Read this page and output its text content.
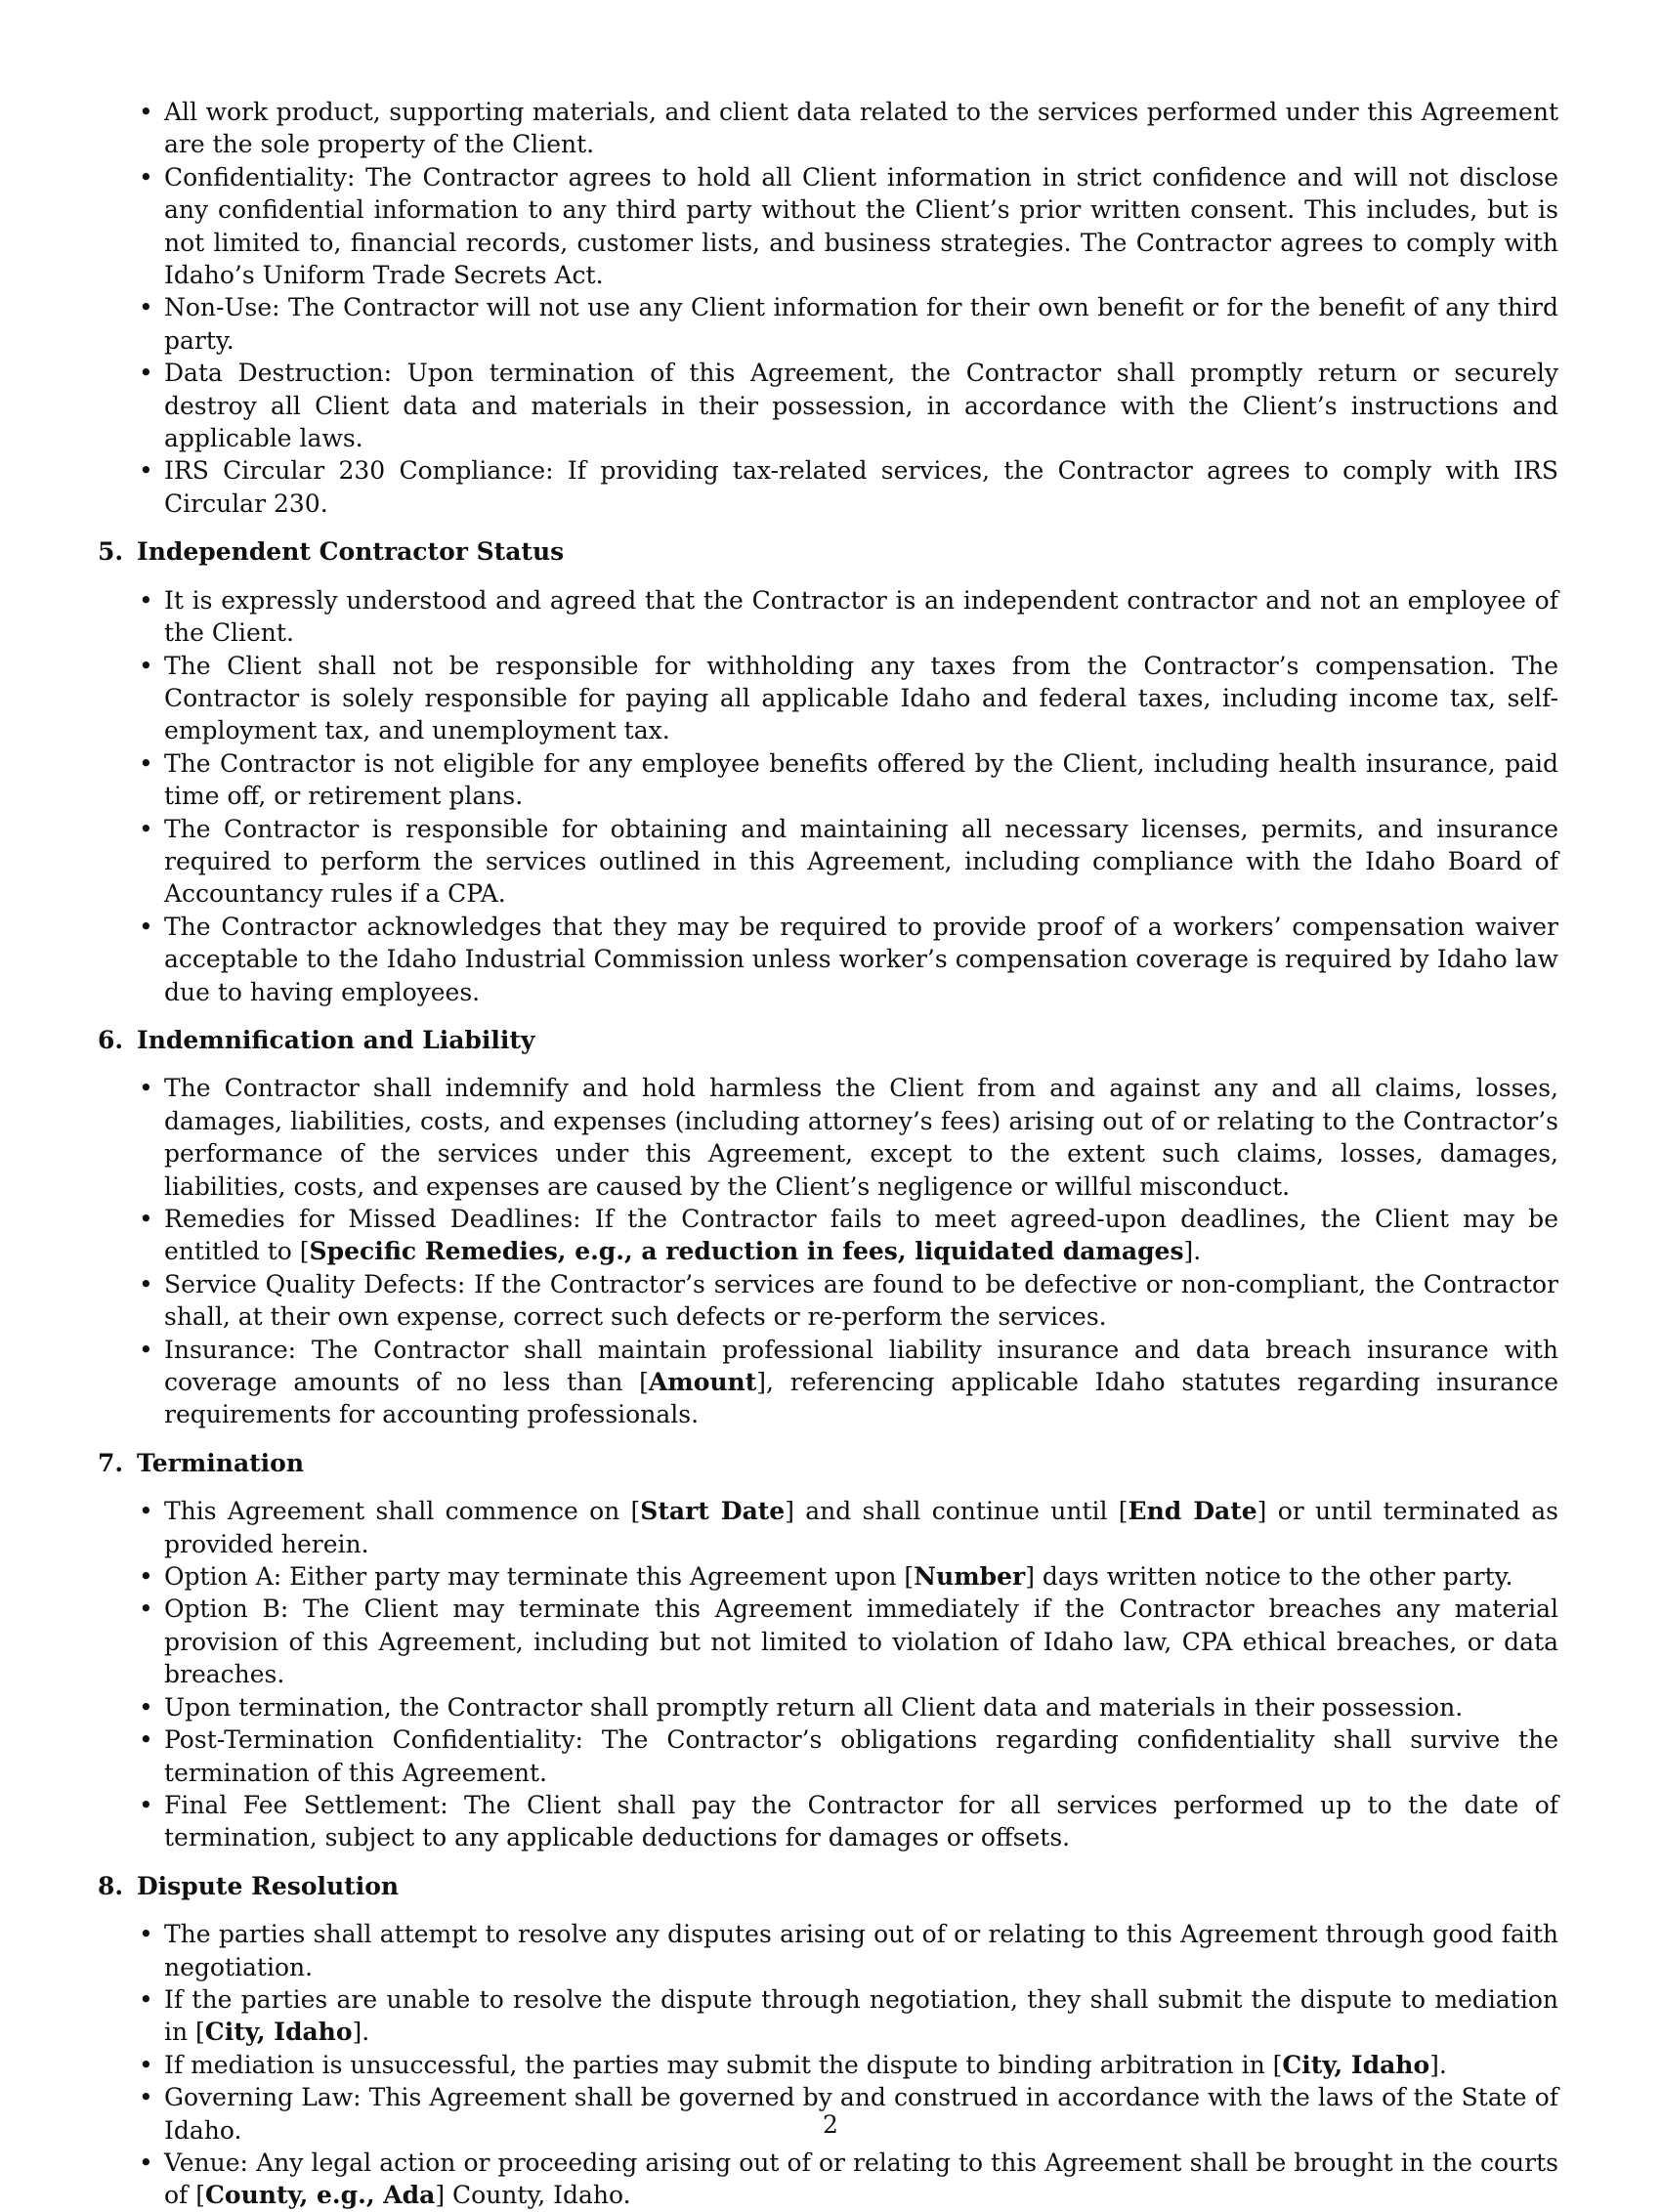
• All work product, supporting materials, and client data related to the services performed under this Agreement are the sole property of the Client.
• Confidentiality: The Contractor agrees to hold all Client information in strict confidence and will not disclose any confidential information to any third party without the Client’s prior written consent. This includes, but is not limited to, financial records, customer lists, and business strategies. The Contractor agrees to comply with Idaho’s Uniform Trade Secrets Act.
• Non-Use: The Contractor will not use any Client information for their own benefit or for the benefit of any third party.
• Data Destruction: Upon termination of this Agreement, the Contractor shall promptly return or securely destroy all Client data and materials in their possession, in accordance with the Client’s instructions and applicable laws.
• IRS Circular 230 Compliance: If providing tax-related services, the Contractor agrees to comply with IRS Circular 230.
5. Independent Contractor Status
• It is expressly understood and agreed that the Contractor is an independent contractor and not an employee of the Client.
• The Client shall not be responsible for withholding any taxes from the Contractor’s compensation. The Contractor is solely responsible for paying all applicable Idaho and federal taxes, including income tax, self-employment tax, and unemployment tax.
• The Contractor is not eligible for any employee benefits offered by the Client, including health insurance, paid time off, or retirement plans.
• The Contractor is responsible for obtaining and maintaining all necessary licenses, permits, and insurance required to perform the services outlined in this Agreement, including compliance with the Idaho Board of Accountancy rules if a CPA.
• The Contractor acknowledges that they may be required to provide proof of a workers’ compensation waiver acceptable to the Idaho Industrial Commission unless worker’s compensation coverage is required by Idaho law due to having employees.
6. Indemnification and Liability
• The Contractor shall indemnify and hold harmless the Client from and against any and all claims, losses, damages, liabilities, costs, and expenses (including attorney’s fees) arising out of or relating to the Contractor’s performance of the services under this Agreement, except to the extent such claims, losses, damages, liabilities, costs, and expenses are caused by the Client’s negligence or willful misconduct.
• Remedies for Missed Deadlines: If the Contractor fails to meet agreed-upon deadlines, the Client may be entitled to [Specific Remedies, e.g., a reduction in fees, liquidated damages].
• Service Quality Defects: If the Contractor’s services are found to be defective or non-compliant, the Contractor shall, at their own expense, correct such defects or re-perform the services.
• Insurance: The Contractor shall maintain professional liability insurance and data breach insurance with coverage amounts of no less than [Amount], referencing applicable Idaho statutes regarding insurance requirements for accounting professionals.
7. Termination
• This Agreement shall commence on [Start Date] and shall continue until [End Date] or until terminated as provided herein.
• Option A: Either party may terminate this Agreement upon [Number] days written notice to the other party.
• Option B: The Client may terminate this Agreement immediately if the Contractor breaches any material provision of this Agreement, including but not limited to violation of Idaho law, CPA ethical breaches, or data breaches.
• Upon termination, the Contractor shall promptly return all Client data and materials in their possession.
• Post-Termination Confidentiality: The Contractor’s obligations regarding confidentiality shall survive the termination of this Agreement.
• Final Fee Settlement: The Client shall pay the Contractor for all services performed up to the date of termination, subject to any applicable deductions for damages or offsets.
8. Dispute Resolution
• The parties shall attempt to resolve any disputes arising out of or relating to this Agreement through good faith negotiation.
• If the parties are unable to resolve the dispute through negotiation, they shall submit the dispute to mediation in [City, Idaho].
• If mediation is unsuccessful, the parties may submit the dispute to binding arbitration in [City, Idaho].
• Governing Law: This Agreement shall be governed by and construed in accordance with the laws of the State of Idaho.
• Venue: Any legal action or proceeding arising out of or relating to this Agreement shall be brought in the courts of [County, e.g., Ada] County, Idaho.
2
